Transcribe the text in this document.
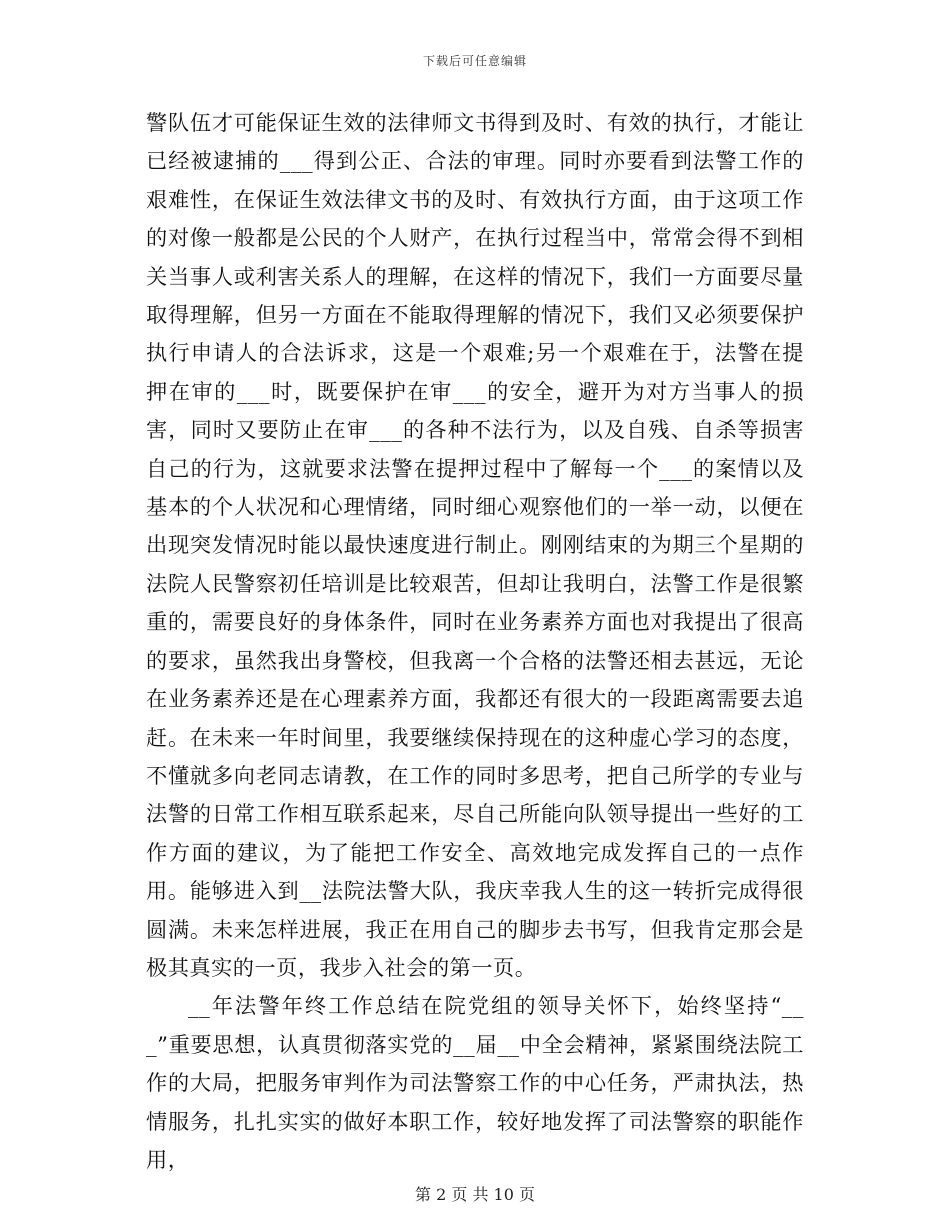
下载后可任意编辑

警队伍才可能保证生效的法律师文书得到及时、有效的执行，才能让已经被逮捕的___得到公正、合法的审理。同时亦要看到法警工作的艰难性，在保证生效法律文书的及时、有效执行方面，由于这项工作的对像一般都是公民的个人财产，在执行过程当中，常常会得不到相关当事人或利害关系人的理解，在这样的情况下，我们一方面要尽量取得理解，但另一方面在不能取得理解的情况下，我们又必须要保护执行申请人的合法诉求，这是一个艰难;另一个艰难在于，法警在提押在审的___时，既要保护在审___的安全，避开为对方当事人的损害，同时又要防止在审___的各种不法行为，以及自残、自杀等损害自己的行为，这就要求法警在提押过程中了解每一个___的案情以及基本的个人状况和心理情绪，同时细心观察他们的一举一动，以便在出现突发情况时能以最快速度进行制止。刚刚结束的为期三个星期的法院人民警察初任培训是比较艰苦，但却让我明白，法警工作是很繁重的，需要良好的身体条件，同时在业务素养方面也对我提出了很高的要求，虽然我出身警校，但我离一个合格的法警还相去甚远，无论在业务素养还是在心理素养方面，我都还有很大的一段距离需要去追赶。在未来一年时间里，我要继续保持现在的这种虚心学习的态度，不懂就多向老同志请教，在工作的同时多思考，把自己所学的专业与法警的日常工作相互联系起来，尽自己所能向队领导提出一些好的工作方面的建议，为了能把工作安全、高效地完成发挥自己的一点作用。能够进入到__法院法警大队，我庆幸我人生的这一转折完成得很圆满。未来怎样进展，我正在用自己的脚步去书写，但我肯定那会是极其真实的一页，我步入社会的第一页。

__年法警年终工作总结在院党组的领导关怀下，始终坚持“___”重要思想，认真贯彻落实党的__届__中全会精神，紧紧围绕法院工作的大局，把服务审判作为司法警察工作的中心任务，严肃执法，热情服务，扎扎实实的做好本职工作，较好地发挥了司法警察的职能作用，

第 2 页 共 10 页
